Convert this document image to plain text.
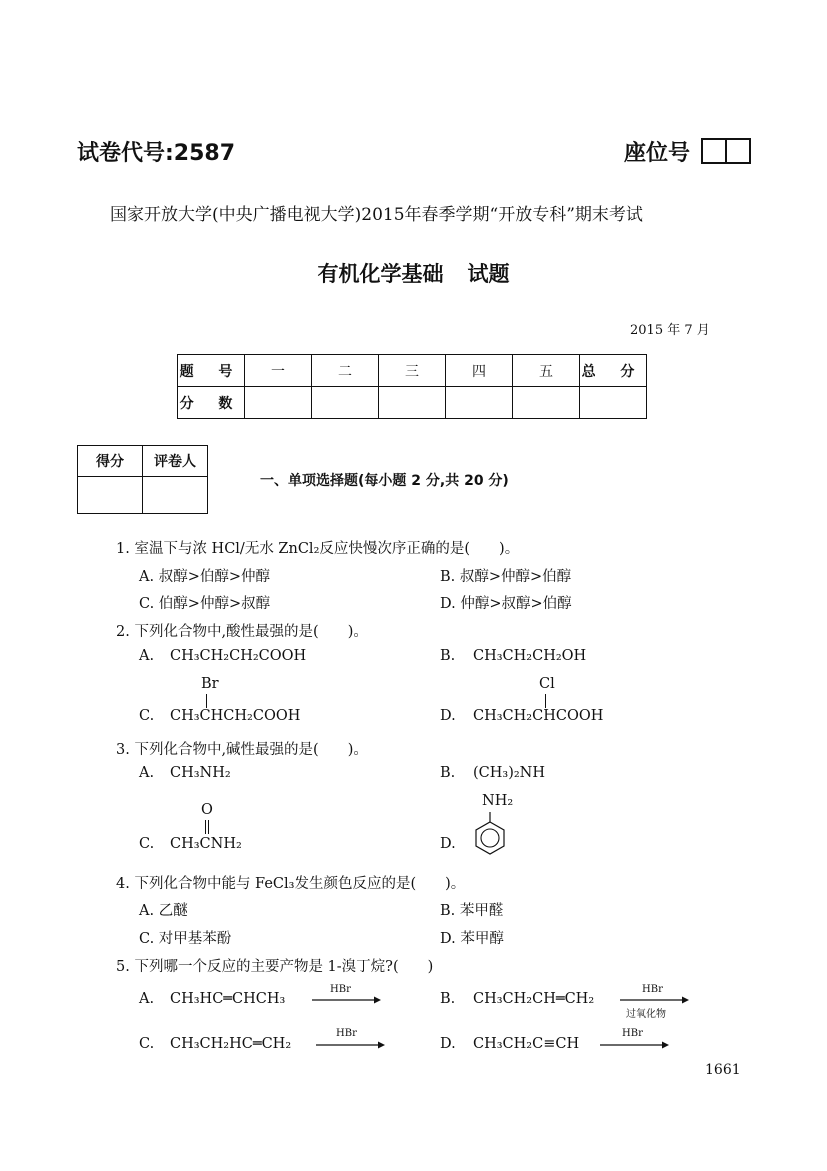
试卷代号:2587	座位号
国家开放大学(中央广播电视大学)2015年春季学期“开放专科”期末考试
有机化学基础 试题
2015 年 7 月
题 号	一	二	三	四	五	总 分
分 数						
得分	评卷人

一、单项选择题(每小题 2 分,共 20 分)
1. 室温下与浓 HCl/无水 ZnCl₂反应快慢次序正确的是(　　)。
A. 叔醇>伯醇>仲醇	B. 叔醇>仲醇>伯醇
C. 伯醇>仲醇>叔醇	D. 仲醇>叔醇>伯醇
2. 下列化合物中,酸性最强的是(　　)。
A. CH₃CH₂CH₂COOH	B. CH₃CH₂CH₂OH
Br
C. CH₃CHCH₂COOH
Cl
D. CH₃CH₂CHCOOH
3. 下列化合物中,碱性最强的是(　　)。
A. CH₃NH₂	B. (CH₃)₂NH
O
C. CH₃CNH₂
NH₂
D.
4. 下列化合物中能与 FeCl₃发生颜色反应的是(　　)。
A. 乙醚	B. 苯甲醛
C. 对甲基苯酚	D. 苯甲醇
5. 下列哪一个反应的主要产物是 1-溴丁烷?(　　)
A. CH₃HC═CHCH₃
HBr
B. CH₃CH₂CH═CH₂
HBr
过氧化物
C. CH₃CH₂HC═CH₂
HBr
D. CH₃CH₂C≡CH
HBr
1661
